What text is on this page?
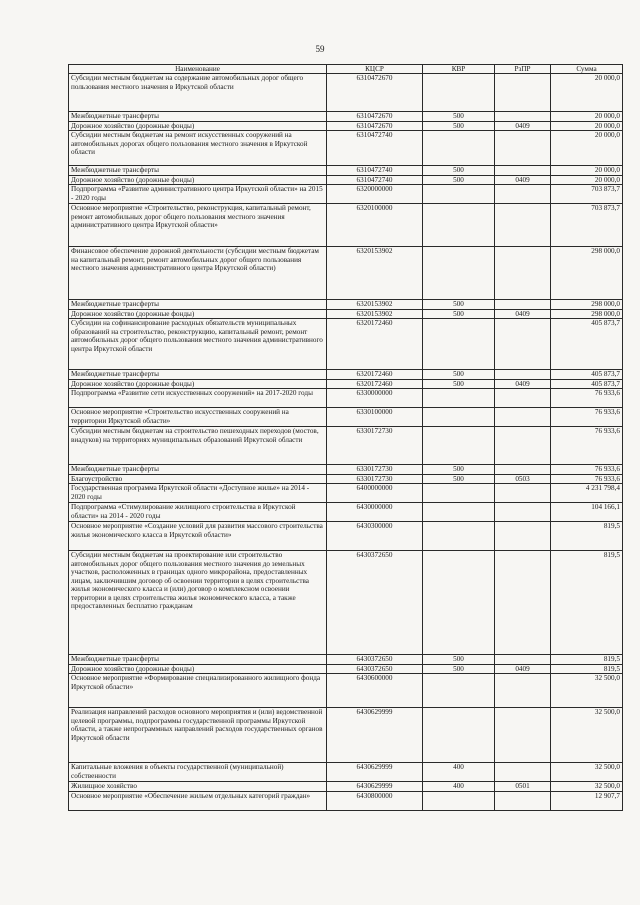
59
Наименование	КЦСР	КВР	РзПР	Сумма
Субсидии местным бюджетам на содержание автомобильных дорог общего пользования местного значения в Иркутской области	6310472670			20 000,0
Межбюджетные трансферты	6310472670	500		20 000,0
Дорожное хозяйство (дорожные фонды)	6310472670	500	0409	20 000,0
Субсидии местным бюджетам на ремонт искусственных сооружений на автомобильных дорогах общего пользования местного значения в Иркутской области	6310472740			20 000,0
Межбюджетные трансферты	6310472740	500		20 000,0
Дорожное хозяйство (дорожные фонды)	6310472740	500	0409	20 000,0
Подпрограмма «Развитие административного центра Иркутской области» на 2015 - 2020 годы	6320000000			703 873,7
Основное мероприятие «Строительство, реконструкция, капитальный ремонт, ремонт автомобильных дорог общего пользования местного значения административного центра Иркутской области»	6320100000			703 873,7
Финансовое обеспечение дорожной деятельности (субсидии местным бюджетам на капитальный ремонт, ремонт автомобильных дорог общего пользования местного значения административного центра Иркутской области)	6320153902			298 000,0
Межбюджетные трансферты	6320153902	500		298 000,0
Дорожное хозяйство (дорожные фонды)	6320153902	500	0409	298 000,0
Субсидии на софинансирование расходных обязательств муниципальных образований на строительство, реконструкцию, капитальный ремонт, ремонт автомобильных дорог общего пользования местного значения административного центра Иркутской области	6320172460			405 873,7
Межбюджетные трансферты	6320172460	500		405 873,7
Дорожное хозяйство (дорожные фонды)	6320172460	500	0409	405 873,7
Подпрограмма «Развитие сети искусственных сооружений» на 2017-2020 годы	6330000000			76 933,6
Основное мероприятие «Строительство искусственных сооружений на территории Иркутской области»	6330100000			76 933,6
Субсидии местным бюджетам на строительство пешеходных переходов (мостов, виадуков) на территориях муниципальных образований Иркутской области	6330172730			76 933,6
Межбюджетные трансферты	6330172730	500		76 933,6
Благоустройство	6330172730	500	0503	76 933,6
Государственная программа Иркутской области «Доступное жилье» на 2014 - 2020 годы	6400000000			4 231 798,4
Подпрограмма «Стимулирование жилищного строительства в Иркутской области» на 2014 - 2020 годы	6430000000			104 166,1
Основное мероприятие «Создание условий для развития массового строительства жилья экономического класса в Иркутской области»	6430300000			819,5
Субсидии местным бюджетам на проектирование или строительство автомобильных дорог общего пользования местного значения до земельных участков, расположенных в границах одного микрорайона, предоставленных лицам, заключившим договор об освоении территории в целях строительства жилья экономического класса и (или) договор о комплексном освоении территории в целях строительства жилья экономического класса, а также предоставленных бесплатно гражданам	6430372650			819,5
Межбюджетные трансферты	6430372650	500		819,5
Дорожное хозяйство (дорожные фонды)	6430372650	500	0409	819,5
Основное мероприятие «Формирование специализированного жилищного фонда Иркутской области»	6430600000			32 500,0
Реализация направлений расходов основного мероприятия и (или) ведомственной целевой программы, подпрограммы государственной программы Иркутской области, а также непрограммных направлений расходов государственных органов Иркутской области	6430629999			32 500,0
Капитальные вложения в объекты государственной (муниципальной) собственности	6430629999	400		32 500,0
Жилищное хозяйство	6430629999	400	0501	32 500,0
Основное мероприятие «Обеспечение жильем отдельных категорий граждан»	6430800000			12 907,7
